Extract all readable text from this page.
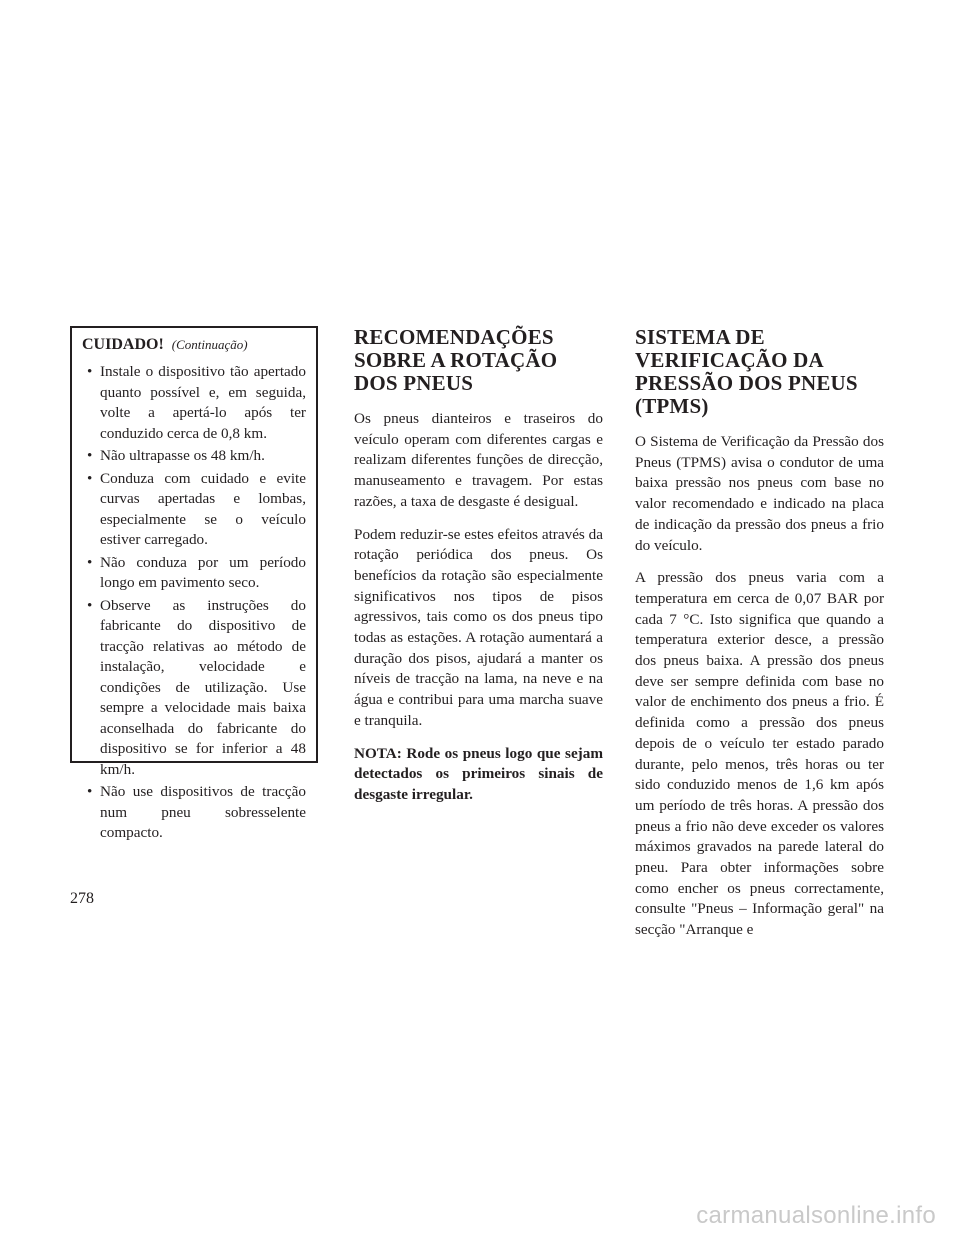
CUIDADO! (Continuação)
• Instale o dispositivo tão apertado quanto possível e, em seguida, volte a apertá-lo após ter conduzido cerca de 0,8 km.
• Não ultrapasse os 48 km/h.
• Conduza com cuidado e evite curvas apertadas e lombas, especialmente se o veículo estiver carregado.
• Não conduza por um período longo em pavimento seco.
• Observe as instruções do fabricante do dispositivo de tracção relativas ao método de instalação, velocidade e condições de utilização. Use sempre a velocidade mais baixa aconselhada do fabricante do dispositivo se for inferior a 48 km/h.
• Não use dispositivos de tracção num pneu sobresselente compacto.
RECOMENDAÇÕES SOBRE A ROTAÇÃO DOS PNEUS

Os pneus dianteiros e traseiros do veículo operam com diferentes cargas e realizam diferentes funções de direcção, manuseamento e travagem. Por estas razões, a taxa de desgaste é desigual.

Podem reduzir-se estes efeitos através da rotação periódica dos pneus. Os benefícios da rotação são especialmente significativos nos tipos de pisos agressivos, tais como os dos pneus tipo todas as estações. A rotação aumentará a duração dos pisos, ajudará a manter os níveis de tracção na lama, na neve e na água e contribui para uma marcha suave e tranquila.

NOTA: Rode os pneus logo que sejam detectados os primeiros sinais de desgaste irregular.

SISTEMA DE VERIFICAÇÃO DA PRESSÃO DOS PNEUS (TPMS)

O Sistema de Verificação da Pressão dos Pneus (TPMS) avisa o condutor de uma baixa pressão nos pneus com base no valor recomendado e indicado na placa de indicação da pressão dos pneus a frio do veículo.

A pressão dos pneus varia com a temperatura em cerca de 0,07 BAR por cada 7 °C. Isto significa que quando a temperatura exterior desce, a pressão dos pneus baixa. A pressão dos pneus deve ser sempre definida com base no valor de enchimento dos pneus a frio. É definida como a pressão dos pneus depois de o veículo ter estado parado durante, pelo menos, três horas ou ter sido conduzido menos de 1,6 km após um período de três horas. A pressão dos pneus a frio não deve exceder os valores máximos gravados na parede lateral do pneu. Para obter informações sobre como encher os pneus correctamente, consulte "Pneus – Informação geral" na secção "Arranque e

278
carmanualsonline.info
